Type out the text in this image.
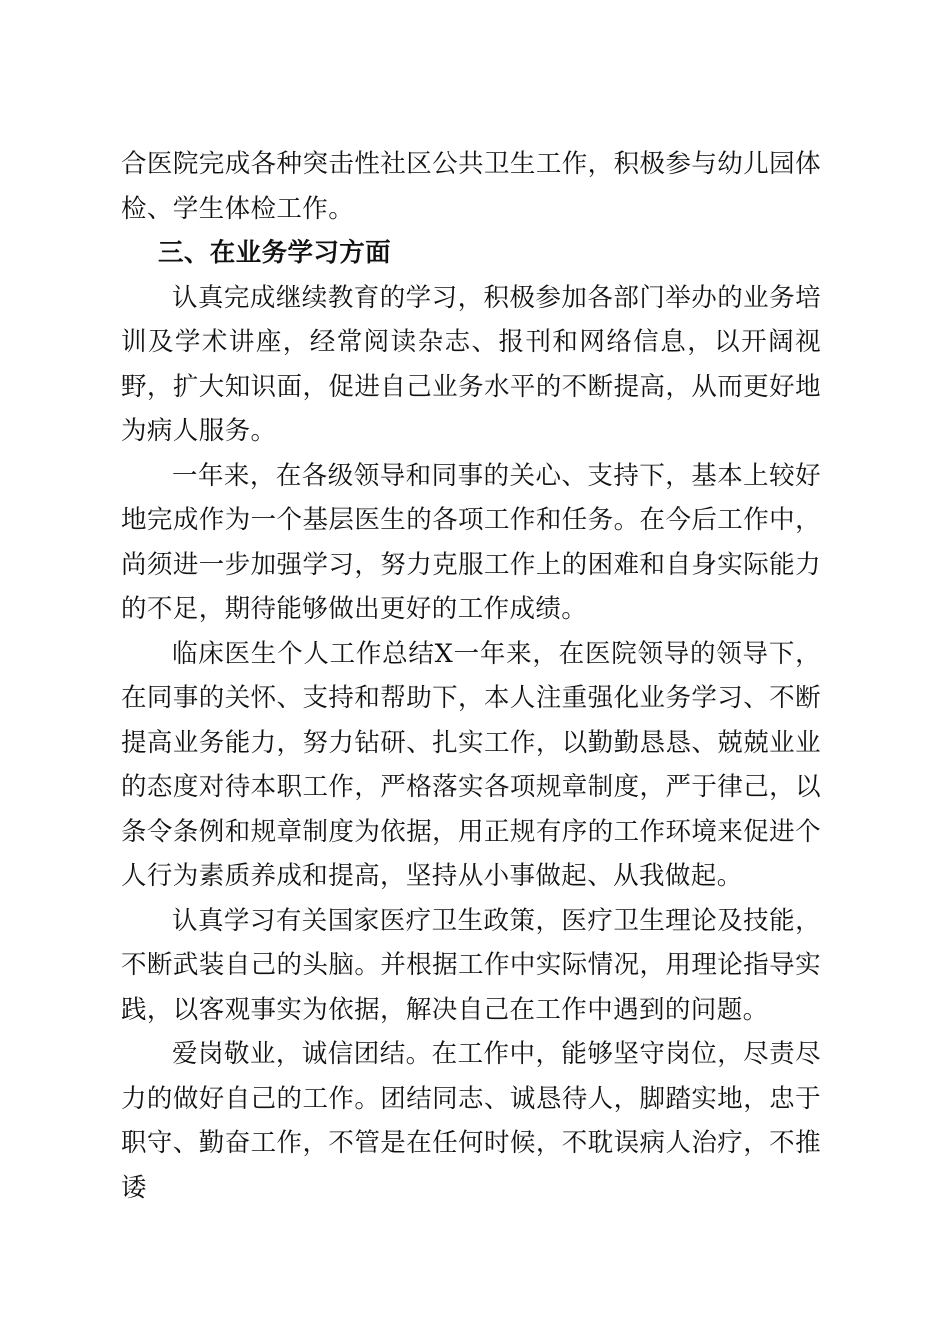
合医院完成各种突击性社区公共卫生工作，积极参与幼儿园体检、学生体检工作。

三、在业务学习方面

认真完成继续教育的学习，积极参加各部门举办的业务培训及学术讲座，经常阅读杂志、报刊和网络信息，以开阔视野，扩大知识面，促进自己业务水平的不断提高，从而更好地为病人服务。

一年来，在各级领导和同事的关心、支持下，基本上较好地完成作为一个基层医生的各项工作和任务。在今后工作中，尚须进一步加强学习，努力克服工作上的困难和自身实际能力的不足，期待能够做出更好的工作成绩。

临床医生个人工作总结X一年来，在医院领导的领导下，在同事的关怀、支持和帮助下，本人注重强化业务学习、不断提高业务能力，努力钻研、扎实工作，以勤勤恳恳、兢兢业业的态度对待本职工作，严格落实各项规章制度，严于律己，以条令条例和规章制度为依据，用正规有序的工作环境来促进个人行为素质养成和提高，坚持从小事做起、从我做起。

认真学习有关国家医疗卫生政策，医疗卫生理论及技能，不断武装自己的头脑。并根据工作中实际情况，用理论指导实践，以客观事实为依据，解决自己在工作中遇到的问题。

爱岗敬业，诚信团结。在工作中，能够坚守岗位，尽责尽力的做好自己的工作。团结同志、诚恳待人，脚踏实地，忠于职守、勤奋工作，不管是在任何时候，不耽误病人治疗，不推诿
